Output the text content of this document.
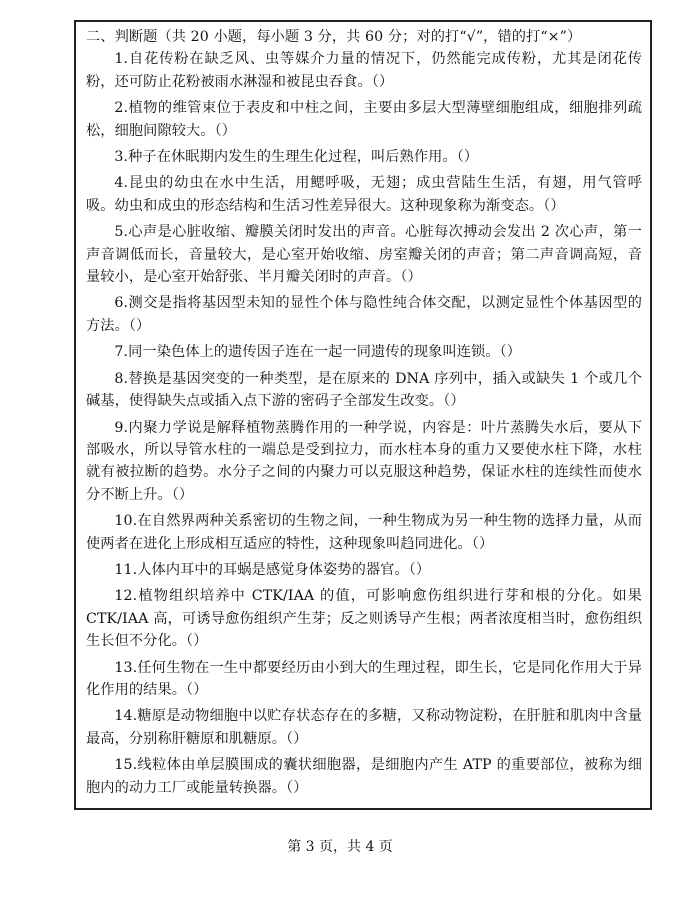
二、判断题（共 20 小题，每小题 3 分，共 60 分；对的打“√”，错的打“×”）
1.自花传粉在缺乏风、虫等媒介力量的情况下，仍然能完成传粉，尤其是闭花传粉，还可防止花粉被雨水淋湿和被昆虫吞食。（）
2.植物的维管束位于表皮和中柱之间，主要由多层大型薄壁细胞组成，细胞排列疏松，细胞间隙较大。（）
3.种子在休眠期内发生的生理生化过程，叫后熟作用。（）
4.昆虫的幼虫在水中生活，用鳃呼吸，无翅；成虫营陆生生活，有翅，用气管呼吸。幼虫和成虫的形态结构和生活习性差异很大。这种现象称为渐变态。（）
5.心声是心脏收缩、瓣膜关闭时发出的声音。心脏每次搏动会发出 2 次心声，第一声音调低而长，音量较大，是心室开始收缩、房室瓣关闭的声音；第二声音调高短，音量较小，是心室开始舒张、半月瓣关闭时的声音。（）
6.测交是指将基因型未知的显性个体与隐性纯合体交配，以测定显性个体基因型的方法。（）
7.同一染色体上的遗传因子连在一起一同遗传的现象叫连锁。（）
8.替换是基因突变的一种类型，是在原来的 DNA 序列中，插入或缺失 1 个或几个碱基，使得缺失点或插入点下游的密码子全部发生改变。（）
9.内聚力学说是解释植物蒸腾作用的一种学说，内容是：叶片蒸腾失水后，要从下部吸水，所以导管水柱的一端总是受到拉力，而水柱本身的重力又要使水柱下降，水柱就有被拉断的趋势。水分子之间的内聚力可以克服这种趋势，保证水柱的连续性而使水分不断上升。（）
10.在自然界两种关系密切的生物之间，一种生物成为另一种生物的选择力量，从而使两者在进化上形成相互适应的特性，这种现象叫趋同进化。（）
11.人体内耳中的耳蜗是感觉身体姿势的器官。（）
12.植物组织培养中 CTK/IAA 的值，可影响愈伤组织进行芽和根的分化。如果 CTK/IAA 高，可诱导愈伤组织产生芽；反之则诱导产生根；两者浓度相当时，愈伤组织生长但不分化。（）
13.任何生物在一生中都要经历由小到大的生理过程，即生长，它是同化作用大于异化作用的结果。（）
14.糖原是动物细胞中以贮存状态存在的多糖，又称动物淀粉，在肝脏和肌肉中含量最高，分别称肝糖原和肌糖原。（）
15.线粒体由单层膜围成的囊状细胞器，是细胞内产生 ATP 的重要部位，被称为细胞内的动力工厂或能量转换器。（）
第 3 页，共 4 页
